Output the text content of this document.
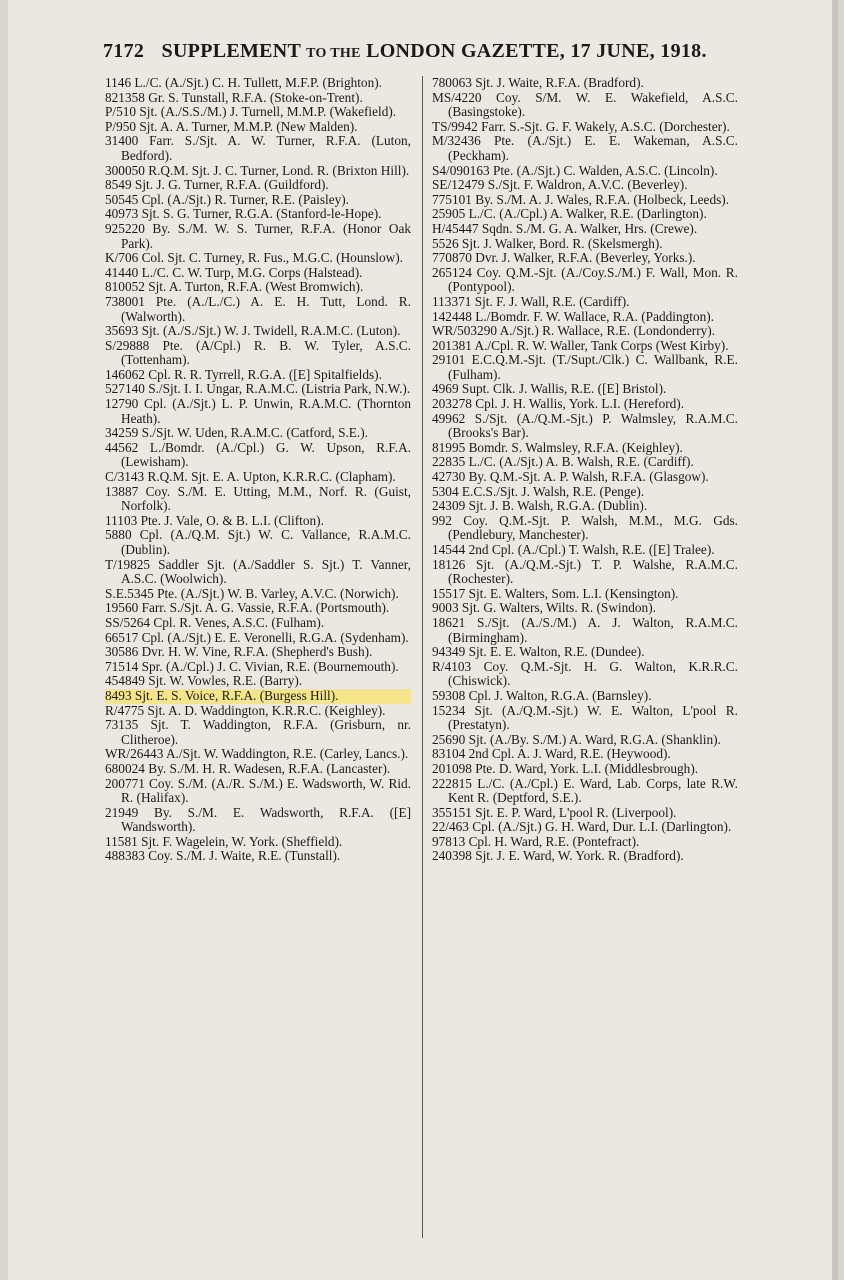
7172 SUPPLEMENT TO THE LONDON GAZETTE, 17 JUNE, 1918.

1146 L./C. (A./Sjt.) C. H. Tullett, M.F.P. (Brighton).

821358 Gr. S. Tunstall, R.F.A. (Stoke-on-Trent).

P/510 Sjt. (A./S.S./M.) J. Turnell, M.M.P. (Wakefield).

P/950 Sjt. A. A. Turner, M.M.P. (New Malden).

31400 Farr. S./Sjt. A. W. Turner, R.F.A. (Luton, Bedford).

300050 R.Q.M. Sjt. J. C. Turner, Lond. R. (Brixton Hill).

8549 Sjt. J. G. Turner, R.F.A. (Guildford).

50545 Cpl. (A./Sjt.) R. Turner, R.E. (Paisley).

40973 Sjt. S. G. Turner, R.G.A. (Stanford-le-Hope).

925220 By. S./M. W. S. Turner, R.F.A. (Honor Oak Park).

K/706 Col. Sjt. C. Turney, R. Fus., M.G.C. (Hounslow).

41440 L./C. C. W. Turp, M.G. Corps (Halstead).

810052 Sjt. A. Turton, R.F.A. (West Bromwich).

738001 Pte. (A./L./C.) A. E. H. Tutt, Lond. R. (Walworth).

35693 Sjt. (A./S./Sjt.) W. J. Twidell, R.A.M.C. (Luton).

S/29888 Pte. (A/Cpl.) R. B. W. Tyler, A.S.C. (Tottenham).

146062 Cpl. R. R. Tyrrell, R.G.A. ([E] Spitalfields).

527140 S./Sjt. I. I. Ungar, R.A.M.C. (Listria Park, N.W.).

12790 Cpl. (A./Sjt.) L. P. Unwin, R.A.M.C. (Thornton Heath).

34259 S./Sjt. W. Uden, R.A.M.C. (Catford, S.E.).

44562 L./Bomdr. (A./Cpl.) G. W. Upson, R.F.A. (Lewisham).

C/3143 R.Q.M. Sjt. E. A. Upton, K.R.R.C. (Clapham).

13887 Coy. S./M. E. Utting, M.M., Norf. R. (Guist, Norfolk).

11103 Pte. J. Vale, O. & B. L.I. (Clifton).

5880 Cpl. (A./Q.M. Sjt.) W. C. Vallance, R.A.M.C. (Dublin).

T/19825 Saddler Sjt. (A./Saddler S. Sjt.) T. Vanner, A.S.C. (Woolwich).

S.E.5345 Pte. (A./Sjt.) W. B. Varley, A.V.C. (Norwich).

19560 Farr. S./Sjt. A. G. Vassie, R.F.A. (Portsmouth).

SS/5264 Cpl. R. Venes, A.S.C. (Fulham).

66517 Cpl. (A./Sjt.) E. E. Veronelli, R.G.A. (Sydenham).

30586 Dvr. H. W. Vine, R.F.A. (Shepherd's Bush).

71514 Spr. (A./Cpl.) J. C. Vivian, R.E. (Bournemouth).

454849 Sjt. W. Vowles, R.E. (Barry).

8493 Sjt. E. S. Voice, R.F.A. (Burgess Hill).

R/4775 Sjt. A. D. Waddington, K.R.R.C. (Keighley).

73135 Sjt. T. Waddington, R.F.A. (Grisburn, nr. Clitheroe).

WR/26443 A./Sjt. W. Waddington, R.E. (Carley, Lancs.).

680024 By. S./M. H. R. Wadesen, R.F.A. (Lancaster).

200771 Coy. S./M. (A./R. S./M.) E. Wadsworth, W. Rid. R. (Halifax).

21949 By. S./M. E. Wadsworth, R.F.A. ([E] Wandsworth).

11581 Sjt. F. Wagelein, W. York. (Sheffield).

488383 Coy. S./M. J. Waite, R.E. (Tunstall).

780063 Sjt. J. Waite, R.F.A. (Bradford).

MS/4220 Coy. S/M. W. E. Wakefield, A.S.C. (Basingstoke).

TS/9942 Farr. S.-Sjt. G. F. Wakely, A.S.C. (Dorchester).

M/32436 Pte. (A./Sjt.) E. E. Wakeman, A.S.C. (Peckham).

S4/090163 Pte. (A./Sjt.) C. Walden, A.S.C. (Lincoln).

SE/12479 S./Sjt. F. Waldron, A.V.C. (Beverley).

775101 By. S./M. A. J. Wales, R.F.A. (Holbeck, Leeds).

25905 L./C. (A./Cpl.) A. Walker, R.E. (Darlington).

H/45447 Sqdn. S./M. G. A. Walker, Hrs. (Crewe).

5526 Sjt. J. Walker, Bord. R. (Skelsmergh).

770870 Dvr. J. Walker, R.F.A. (Beverley, Yorks.).

265124 Coy. Q.M.-Sjt. (A./Coy.S./M.) F. Wall, Mon. R. (Pontypool).

113371 Sjt. F. J. Wall, R.E. (Cardiff).

142448 L./Bomdr. F. W. Wallace, R.A. (Paddington).

WR/503290 A./Sjt.) R. Wallace, R.E. (Londonderry).

201381 A./Cpl. R. W. Waller, Tank Corps (West Kirby).

29101 E.C.Q.M.-Sjt. (T./Supt./Clk.) C. Wallbank, R.E. (Fulham).

4969 Supt. Clk. J. Wallis, R.E. ([E] Bristol).

203278 Cpl. J. H. Wallis, York. L.I. (Hereford).

49962 S./Sjt. (A./Q.M.-Sjt.) P. Walmsley, R.A.M.C. (Brooks's Bar).

81995 Bomdr. S. Walmsley, R.F.A. (Keighley).

22835 L./C. (A./Sjt.) A. B. Walsh, R.E. (Cardiff).

42730 By. Q.M.-Sjt. A. P. Walsh, R.F.A. (Glasgow).

5304 E.C.S./Sjt. J. Walsh, R.E. (Penge).

24309 Sjt. J. B. Walsh, R.G.A. (Dublin).

992 Coy. Q.M.-Sjt. P. Walsh, M.M., M.G. Gds. (Pendlebury, Manchester).

14544 2nd Cpl. (A./Cpl.) T. Walsh, R.E. ([E] Tralee).

18126 Sjt. (A./Q.M.-Sjt.) T. P. Walshe, R.A.M.C. (Rochester).

15517 Sjt. E. Walters, Som. L.I. (Kensington).

9003 Sjt. G. Walters, Wilts. R. (Swindon).

18621 S./Sjt. (A./S./M.) A. J. Walton, R.A.M.C. (Birmingham).

94349 Sjt. E. E. Walton, R.E. (Dundee).

R/4103 Coy. Q.M.-Sjt. H. G. Walton, K.R.R.C. (Chiswick).

59308 Cpl. J. Walton, R.G.A. (Barnsley).

15234 Sjt. (A./Q.M.-Sjt.) W. E. Walton, L'pool R. (Prestatyn).

25690 Sjt. (A./By. S./M.) A. Ward, R.G.A. (Shanklin).

83104 2nd Cpl. A. J. Ward, R.E. (Heywood).

201098 Pte. D. Ward, York. L.I. (Middlesbrough).

222815 L./C. (A./Cpl.) E. Ward, Lab. Corps, late R.W. Kent R. (Deptford, S.E.).

355151 Sjt. E. P. Ward, L'pool R. (Liverpool).

22/463 Cpl. (A./Sjt.) G. H. Ward, Dur. L.I. (Darlington).

97813 Cpl. H. Ward, R.E. (Pontefract).

240398 Sjt. J. E. Ward, W. York. R. (Bradford).
